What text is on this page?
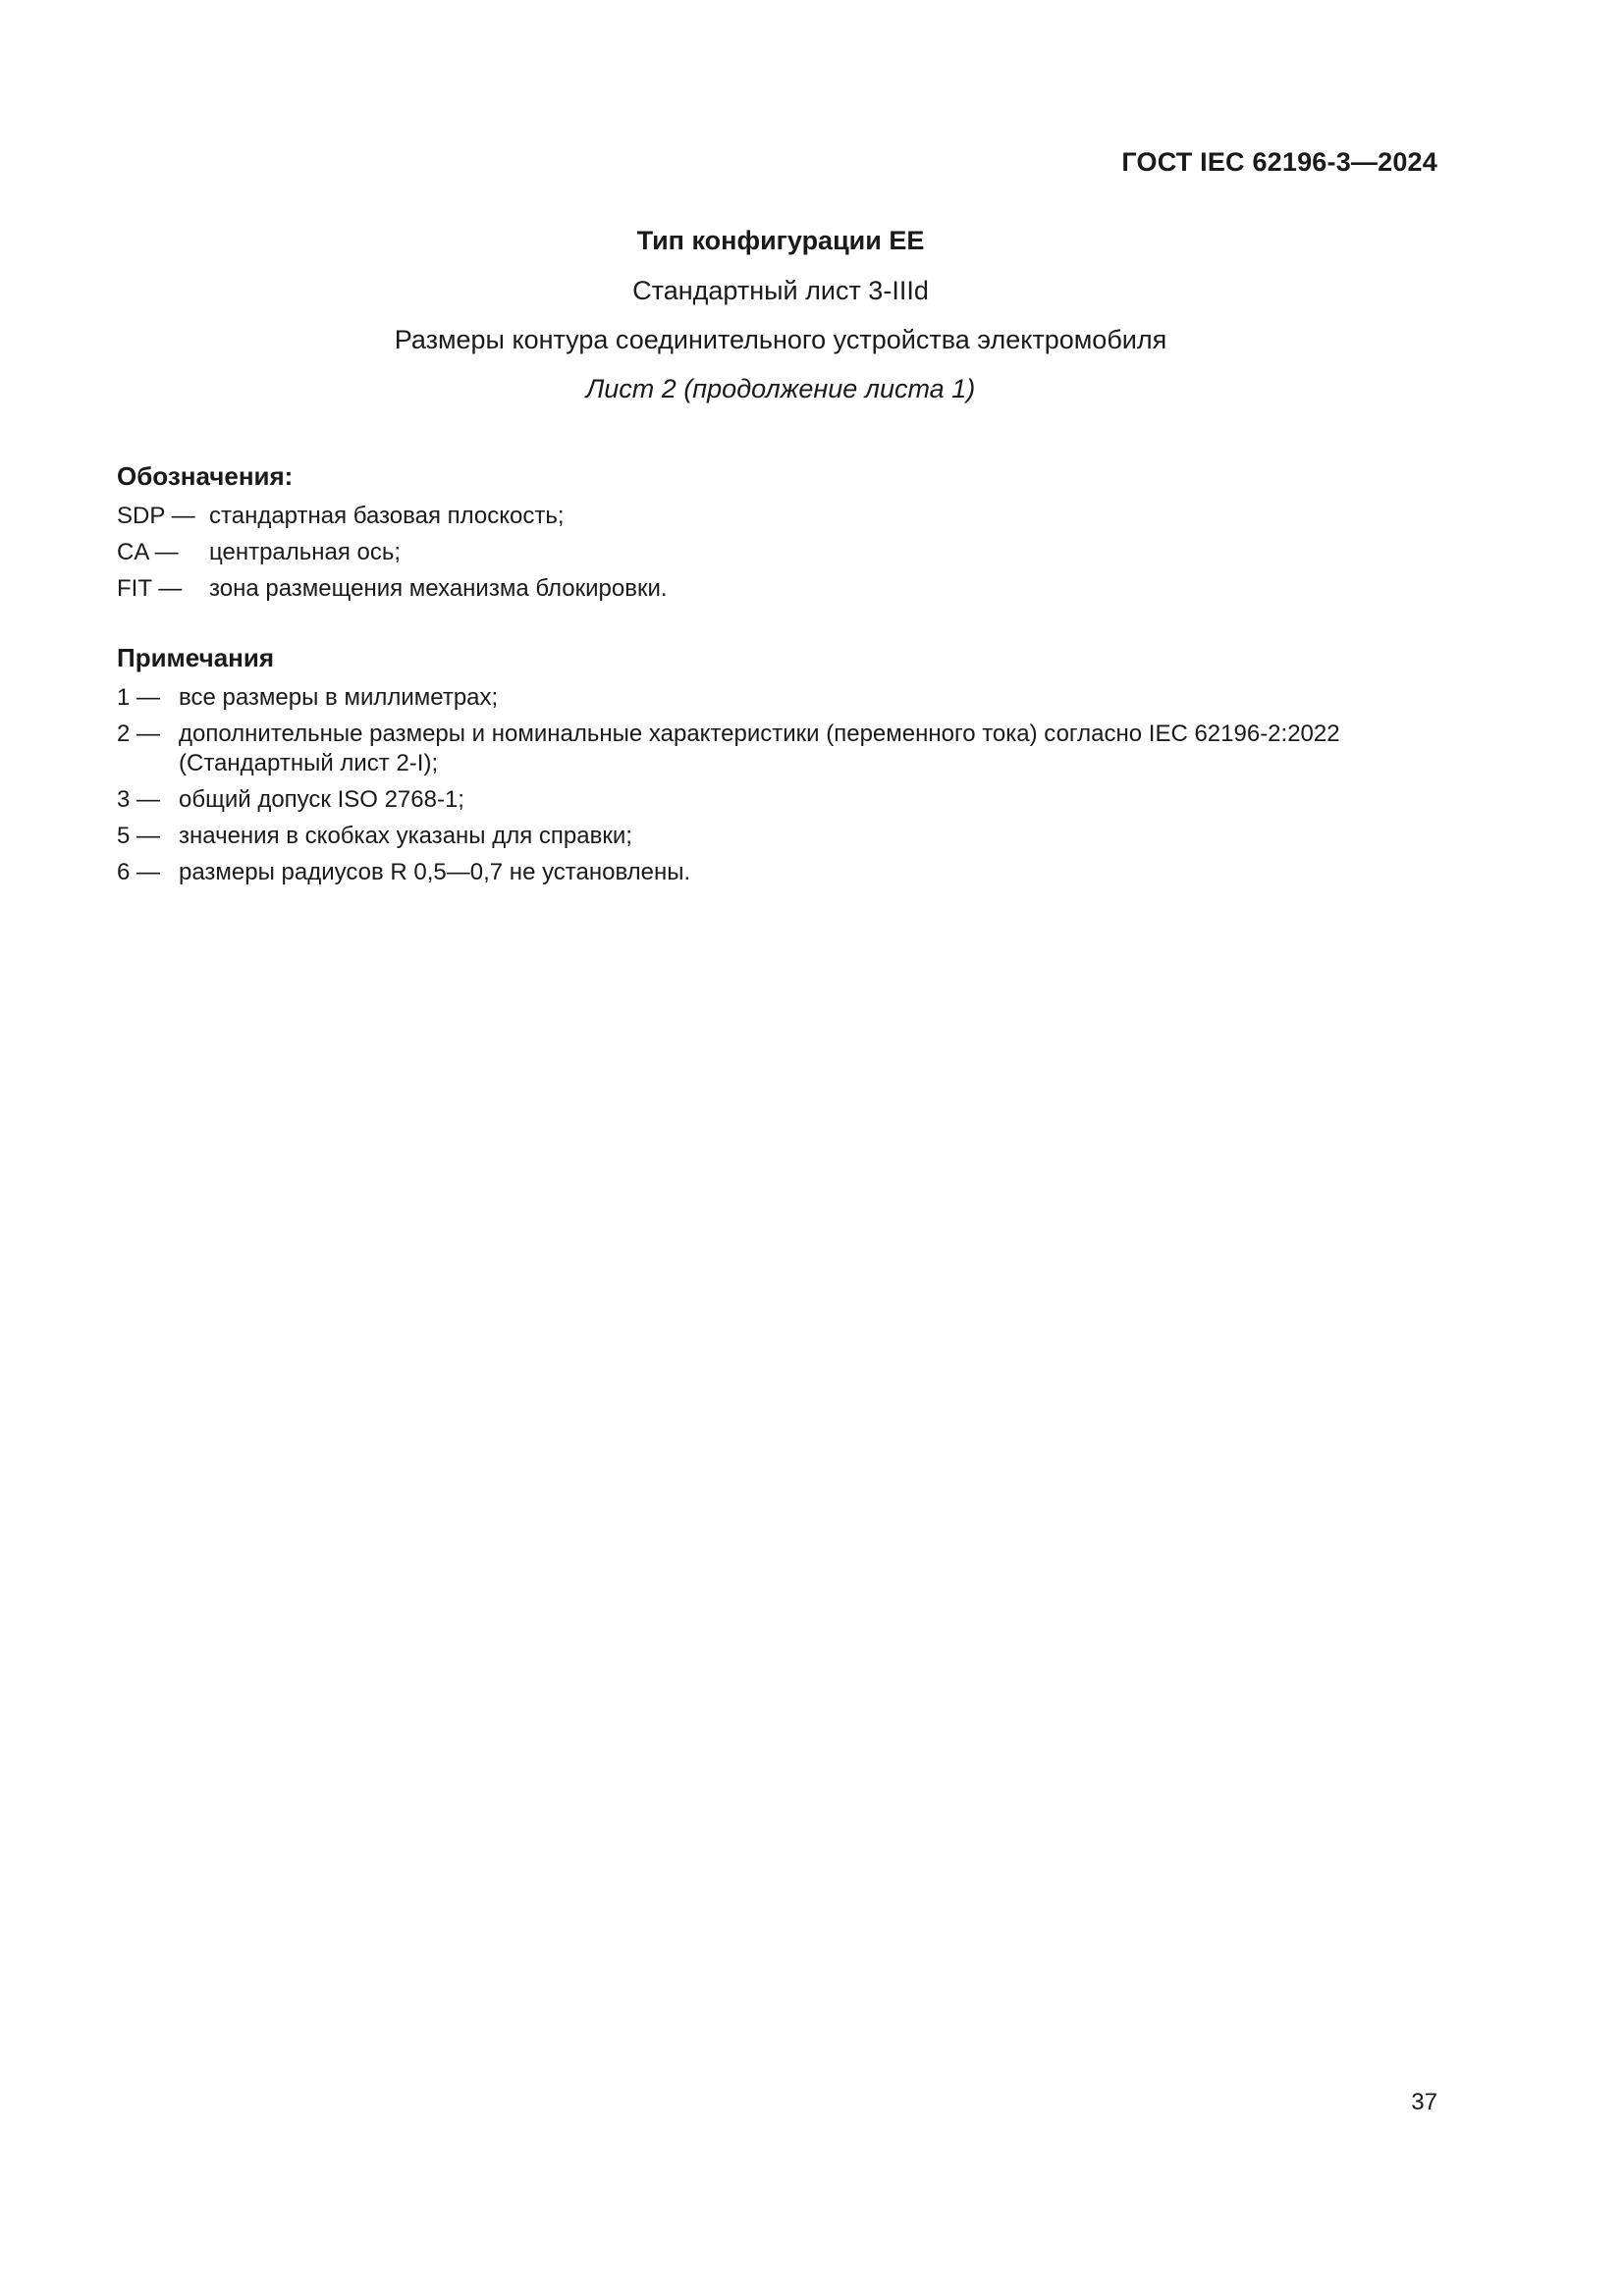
ГОСТ IEC 62196-3—2024
Тип конфигурации ЕЕ
Стандартный лист 3-IIId
Размеры контура соединительного устройства электромобиля
Лист 2 (продолжение листа 1)
Обозначения:
SDP — стандартная базовая плоскость;
CA —	центральная ось;
FIT —	зона размещения механизма блокировки.
Примечания
1 — все размеры в миллиметрах;
2 — дополнительные размеры и номинальные характеристики (переменного тока) согласно IEC 62196-2:2022 (Стандартный лист 2-I);
3 — общий допуск ISO 2768-1;
5 — значения в скобках указаны для справки;
6 — размеры радиусов R 0,5—0,7 не установлены.
37
